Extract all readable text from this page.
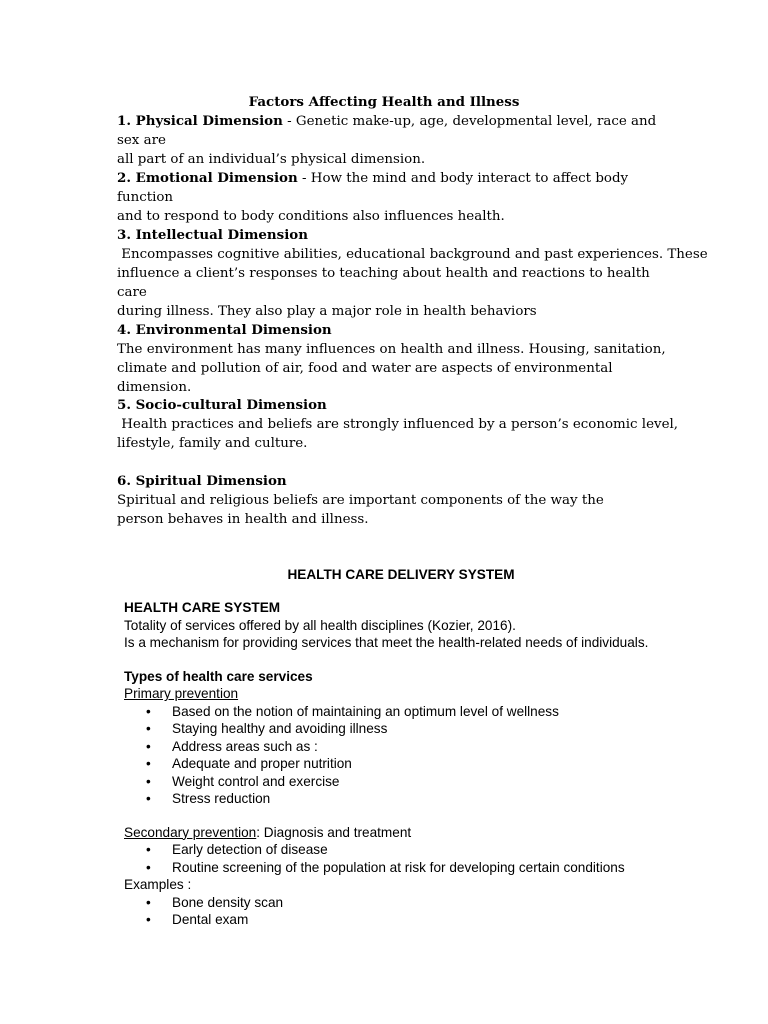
Factors Affecting Health and Illness

1. Physical Dimension - Genetic make-up, age, developmental level, race and sex are

all part of an individual’s physical dimension.

2. Emotional Dimension - How the mind and body interact to affect body function

and to respond to body conditions also influences health.

3. Intellectual Dimension

Encompasses cognitive abilities, educational background and past experiences. These

influence a client’s responses to teaching about health and reactions to health care

during illness. They also play a major role in health behaviors

4. Environmental Dimension

The environment has many influences on health and illness. Housing, sanitation,

climate and pollution of air, food and water are aspects of environmental dimension.

5. Socio-cultural Dimension

Health practices and beliefs are strongly influenced by a person’s economic level,

lifestyle, family and culture.

6. Spiritual Dimension

Spiritual and religious beliefs are important components of the way the

person behaves in health and illness.

HEALTH CARE DELIVERY SYSTEM

HEALTH CARE SYSTEM

Totality of services offered by all health disciplines (Kozier, 2016).

Is a mechanism for providing services that meet the health-related needs of individuals.

Types of health care services

Primary prevention

• Based on the notion of maintaining an optimum level of wellness
• Staying healthy and avoiding illness
• Address areas such as :
• Adequate and proper nutrition
• Weight control and exercise
• Stress reduction

Secondary prevention: Diagnosis and treatment

• Early detection of disease
• Routine screening of the population at risk for developing certain conditions

Examples :

• Bone density scan
• Dental exam
